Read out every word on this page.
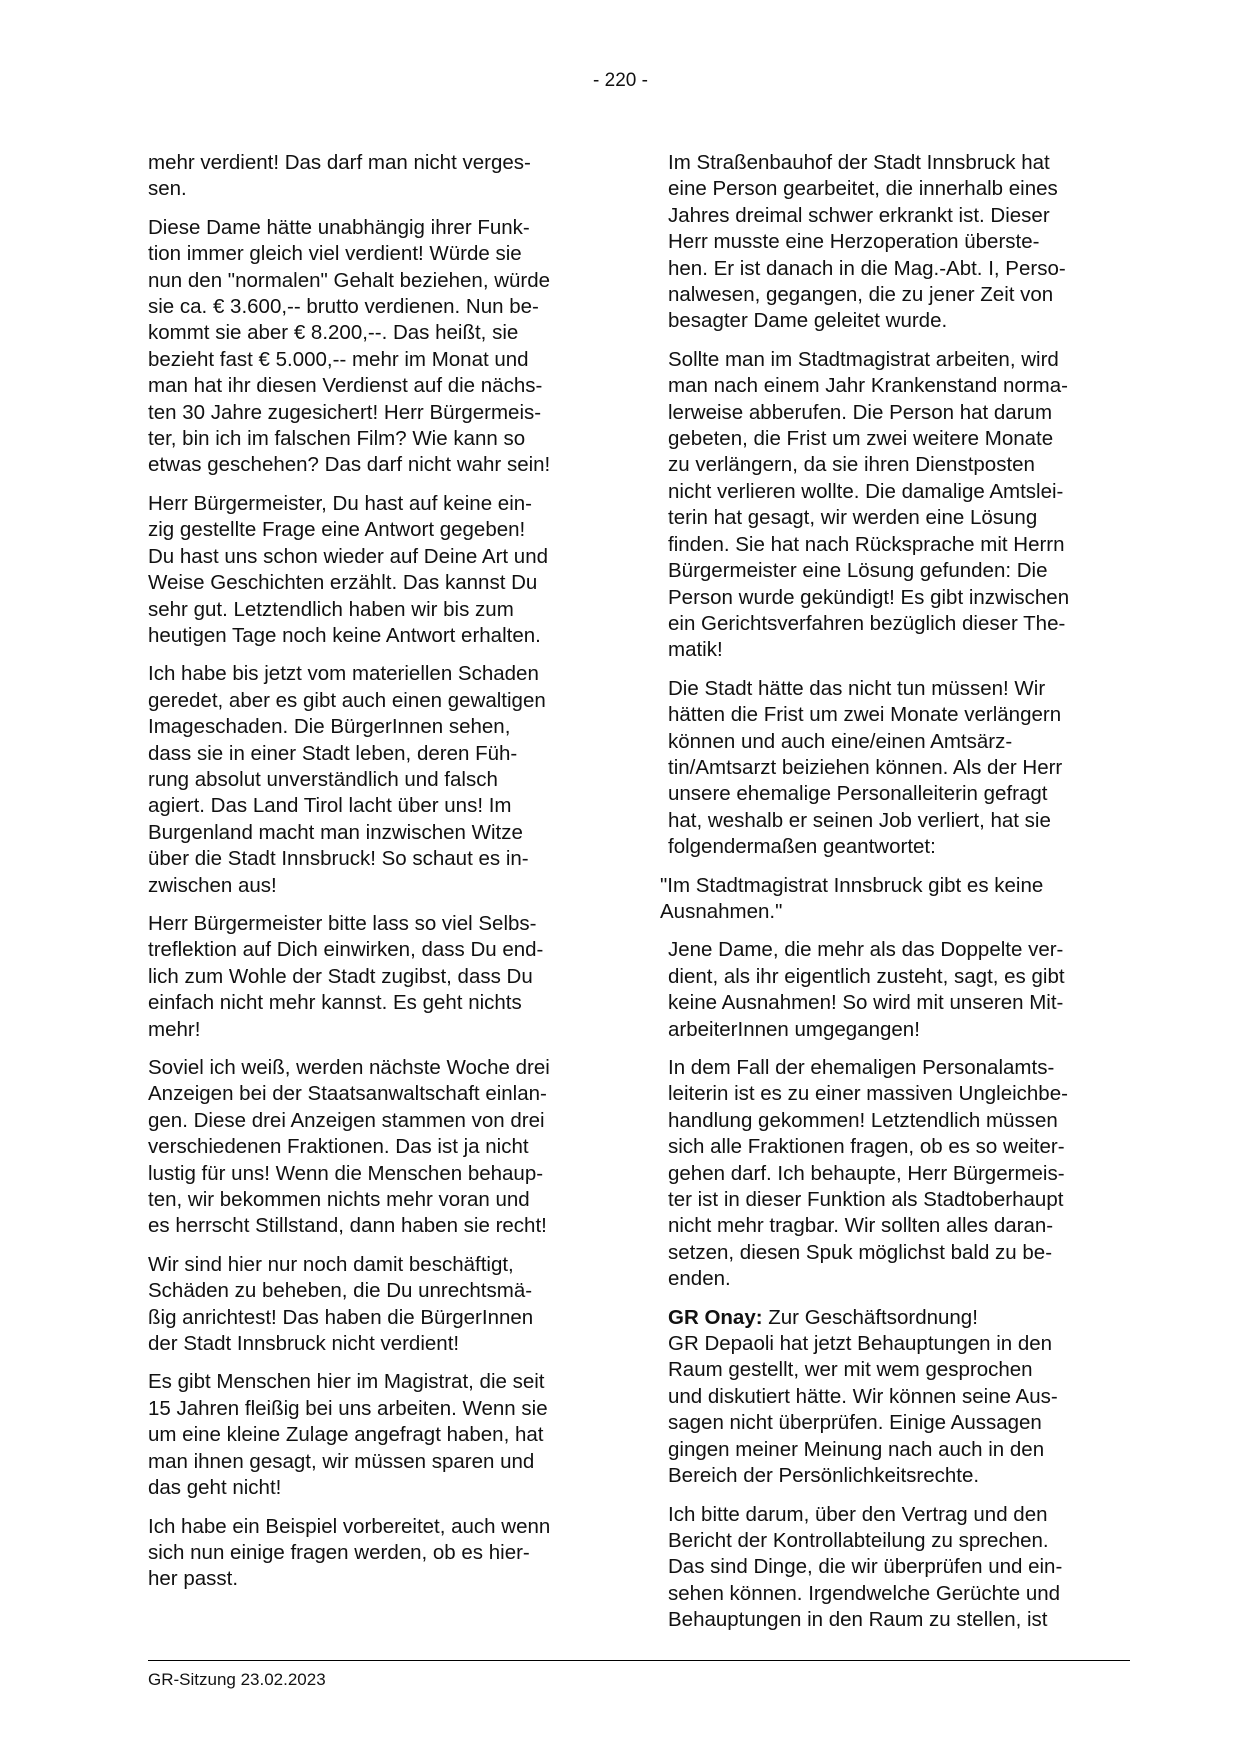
- 220 -

mehr verdient! Das darf man nicht verges-
sen.

Diese Dame hätte unabhängig ihrer Funk-
tion immer gleich viel verdient! Würde sie
nun den "normalen" Gehalt beziehen, würde
sie ca. € 3.600,-- brutto verdienen. Nun be-
kommt sie aber € 8.200,--. Das heißt, sie
bezieht fast € 5.000,-- mehr im Monat und
man hat ihr diesen Verdienst auf die nächs-
ten 30 Jahre zugesichert! Herr Bürgermeis-
ter, bin ich im falschen Film? Wie kann so
etwas geschehen? Das darf nicht wahr sein!

Herr Bürgermeister, Du hast auf keine ein-
zig gestellte Frage eine Antwort gegeben!
Du hast uns schon wieder auf Deine Art und
Weise Geschichten erzählt. Das kannst Du
sehr gut. Letztendlich haben wir bis zum
heutigen Tage noch keine Antwort erhalten.

Ich habe bis jetzt vom materiellen Schaden
geredet, aber es gibt auch einen gewaltigen
Imageschaden. Die BürgerInnen sehen,
dass sie in einer Stadt leben, deren Füh-
rung absolut unverständlich und falsch
agiert. Das Land Tirol lacht über uns! Im
Burgenland macht man inzwischen Witze
über die Stadt Innsbruck! So schaut es in-
zwischen aus!

Herr Bürgermeister bitte lass so viel Selbs-
treflektion auf Dich einwirken, dass Du end-
lich zum Wohle der Stadt zugibst, dass Du
einfach nicht mehr kannst. Es geht nichts
mehr!

Soviel ich weiß, werden nächste Woche drei
Anzeigen bei der Staatsanwaltschaft einlan-
gen. Diese drei Anzeigen stammen von drei
verschiedenen Fraktionen. Das ist ja nicht
lustig für uns! Wenn die Menschen behaup-
ten, wir bekommen nichts mehr voran und
es herrscht Stillstand, dann haben sie recht!

Wir sind hier nur noch damit beschäftigt,
Schäden zu beheben, die Du unrechtsmä-
ßig anrichtest! Das haben die BürgerInnen
der Stadt Innsbruck nicht verdient!

Es gibt Menschen hier im Magistrat, die seit
15 Jahren fleißig bei uns arbeiten. Wenn sie
um eine kleine Zulage angefragt haben, hat
man ihnen gesagt, wir müssen sparen und
das geht nicht!

Ich habe ein Beispiel vorbereitet, auch wenn
sich nun einige fragen werden, ob es hier-
her passt.

Im Straßenbauhof der Stadt Innsbruck hat
eine Person gearbeitet, die innerhalb eines
Jahres dreimal schwer erkrankt ist. Dieser
Herr musste eine Herzoperation überste-
hen. Er ist danach in die Mag.-Abt. I, Perso-
nalwesen, gegangen, die zu jener Zeit von
besagter Dame geleitet wurde.

Sollte man im Stadtmagistrat arbeiten, wird
man nach einem Jahr Krankenstand norma-
lerweise abberufen. Die Person hat darum
gebeten, die Frist um zwei weitere Monate
zu verlängern, da sie ihren Dienstposten
nicht verlieren wollte. Die damalige Amtslei-
terin hat gesagt, wir werden eine Lösung
finden. Sie hat nach Rücksprache mit Herrn
Bürgermeister eine Lösung gefunden: Die
Person wurde gekündigt! Es gibt inzwischen
ein Gerichtsverfahren bezüglich dieser The-
matik!

Die Stadt hätte das nicht tun müssen! Wir
hätten die Frist um zwei Monate verlängern
können und auch eine/einen Amtsärz-
tin/Amtsarzt beiziehen können. Als der Herr
unsere ehemalige Personalleiterin gefragt
hat, weshalb er seinen Job verliert, hat sie
folgendermaßen geantwortet:

"Im Stadtmagistrat Innsbruck gibt es keine
Ausnahmen."

Jene Dame, die mehr als das Doppelte ver-
dient, als ihr eigentlich zusteht, sagt, es gibt
keine Ausnahmen! So wird mit unseren Mit-
arbeiterInnen umgegangen!

In dem Fall der ehemaligen Personalamts-
leiterin ist es zu einer massiven Ungleichbe-
handlung gekommen! Letztendlich müssen
sich alle Fraktionen fragen, ob es so weiter-
gehen darf. Ich behaupte, Herr Bürgermeis-
ter ist in dieser Funktion als Stadtoberhaupt
nicht mehr tragbar. Wir sollten alles daran-
setzen, diesen Spuk möglichst bald zu be-
enden.

GR Onay: Zur Geschäftsordnung!
GR Depaoli hat jetzt Behauptungen in den
Raum gestellt, wer mit wem gesprochen
und diskutiert hätte. Wir können seine Aus-
sagen nicht überprüfen. Einige Aussagen
gingen meiner Meinung nach auch in den
Bereich der Persönlichkeitsrechte.

Ich bitte darum, über den Vertrag und den
Bericht der Kontrollabteilung zu sprechen.
Das sind Dinge, die wir überprüfen und ein-
sehen können. Irgendwelche Gerüchte und
Behauptungen in den Raum zu stellen, ist

GR-Sitzung 23.02.2023
